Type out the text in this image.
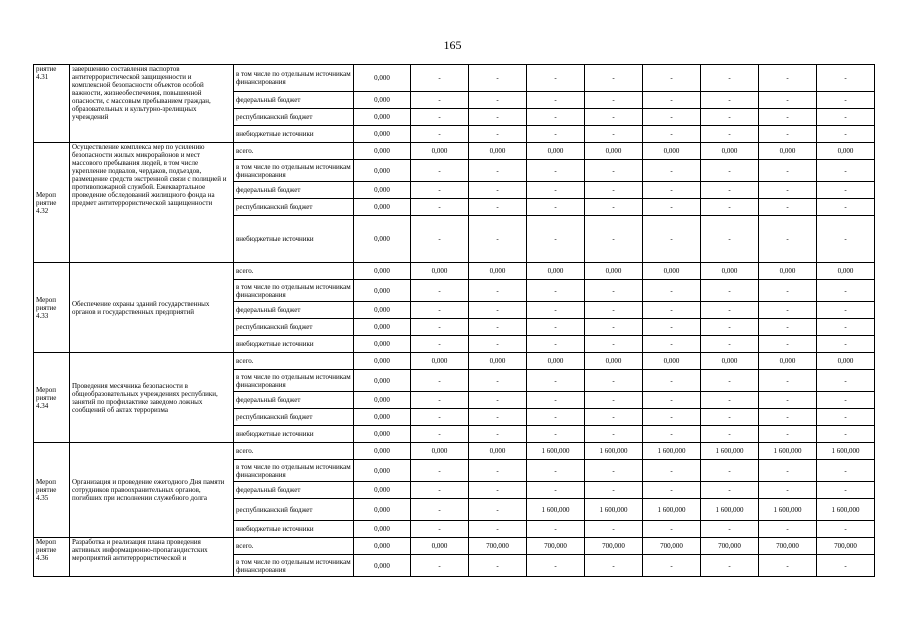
165
риятие 4.31	завершению составления паспортов антитеррористической защищенности и комплексной безопасности объектов особой важности, жизнеобеспечения, повышенной опасности, с массовым пребыванием граждан, образовательных и культурно-зрелищных учреждений	в том числе по отдельным источникам финансирования	0,000	-	-	-	-	-	-	-	-
		федеральный бюджет	0,000	-	-	-	-	-	-	-	-
		республиканский бюджет	0,000	-	-	-	-	-	-	-	-
		внебюджетные источники	0,000	-	-	-	-	-	-	-	-
Мероп риятие 4.32	Осуществление комплекса мер по усилению безопасности жилых микрорайонов и мест массового пребывания людей, в том числе укрепление подвалов, чердаков, подъездов, размещение средств экстренной связи с полицией и противопожарной службой. Ежеквартальное проведение обследований жилищного фонда на предмет антитеррористической защищенности	всего.	0,000	0,000	0,000	0,000	0,000	0,000	0,000	0,000	0,000
		в том числе по отдельным источникам финансирования	0,000	-	-	-	-	-	-	-	-
		федеральный бюджет	0,000	-	-	-	-	-	-	-	-
		республиканский бюджет	0,000	-	-	-	-	-	-	-	-
		внебюджетные источники	0,000	-	-	-	-	-	-	-	-
Мероп риятие 4.33	Обеспечение охраны зданий государственных органов и государственных предприятий	всего.	0,000	0,000	0,000	0,000	0,000	0,000	0,000	0,000	0,000
		в том числе по отдельным источникам финансирования	0,000	-	-	-	-	-	-	-	-
		федеральный бюджет	0,000	-	-	-	-	-	-	-	-
		республиканский бюджет	0,000	-	-	-	-	-	-	-	-
		внебюджетные источники	0,000	-	-	-	-	-	-	-	-
Мероп риятие 4.34	Проведения месячника безопасности в общеобразовательных учреждениях республики, занятий по профилактике заведомо ложных сообщений об актах терроризма	всего.	0,000	0,000	0,000	0,000	0,000	0,000	0,000	0,000	0,000
		в том числе по отдельным источникам финансирования	0,000	-	-	-	-	-	-	-	-
		федеральный бюджет	0,000	-	-	-	-	-	-	-	-
		республиканский бюджет	0,000	-	-	-	-	-	-	-	-
		внебюджетные источники	0,000	-	-	-	-	-	-	-	-
Мероп риятие 4.35	Организация и проведение ежегодного Дня памяти сотрудников правоохранительных органов, погибших при исполнении служебного долга	всего.	0,000	0,000	0,000	1 600,000	1 600,000	1 600,000	1 600,000	1 600,000	1 600,000
		в том числе по отдельным источникам финансирования	0,000	-	-	-	-	-	-	-	-
		федеральный бюджет	0,000	-	-	-	-	-	-	-	-
		республиканский бюджет	0,000	-	-	1 600,000	1 600,000	1 600,000	1 600,000	1 600,000	1 600,000
		внебюджетные источники	0,000	-	-	-	-	-	-	-	-
Мероп риятие 4.36	Разработка и реализация плана проведения активных информационно-пропагандистских мероприятий антитеррористической и	всего.	0,000	0,000	700,000	700,000	700,000	700,000	700,000	700,000	700,000
		в том числе по отдельным источникам финансирования	0,000	-	-	-	-	-	-	-	-
